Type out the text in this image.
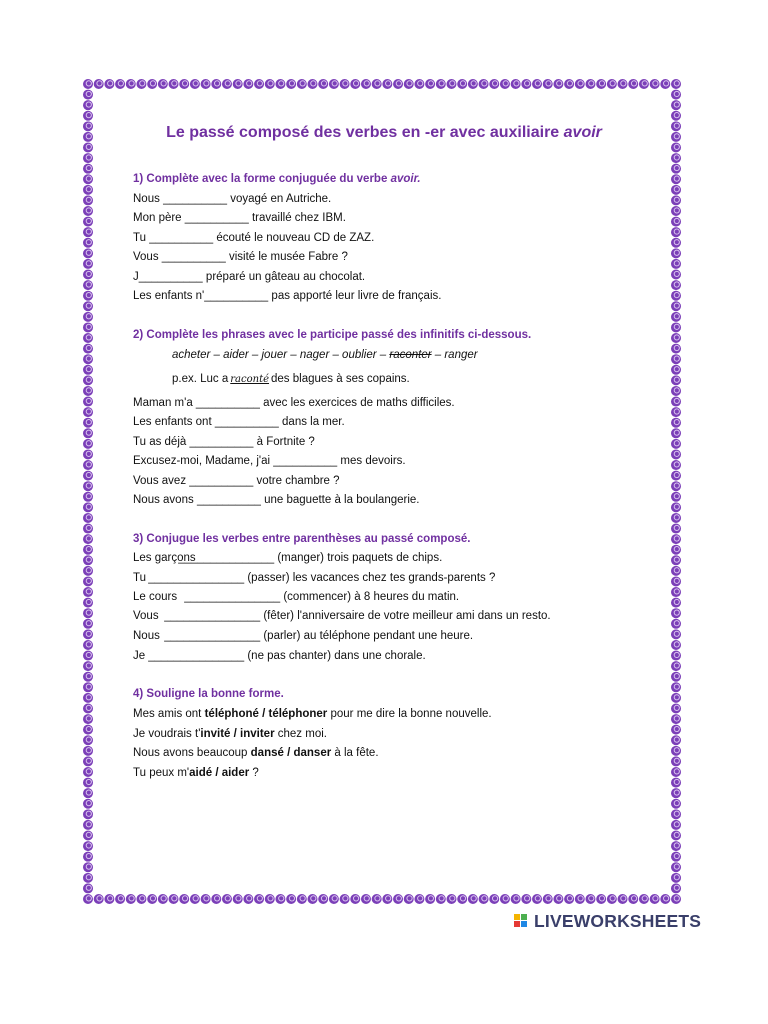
Le passé composé des verbes en -er avec auxiliaire avoir
1) Complète avec la forme conjuguée du verbe avoir.
Nous __________ voyagé en Autriche.
Mon père __________ travaillé chez IBM.
Tu __________ écouté le nouveau CD de ZAZ.
Vous __________ visité le musée Fabre ?
J__________ préparé un gâteau au chocolat.
Les enfants n'__________ pas apporté leur livre de français.
2) Complète les phrases avec le participe passé des infinitifs ci-dessous.
acheter – aider – jouer – nager – oublier – raconter – ranger
p.ex. Luc a raconté des blagues à ses copains.
Maman m'a __________ avec les exercices de maths difficiles.
Les enfants ont __________ dans la mer.
Tu as déjà __________ à Fortnite ?
Excusez-moi, Madame, j'ai __________ mes devoirs.
Vous avez __________ votre chambre ?
Nous avons __________ une baguette à la boulangerie.
3) Conjugue les verbes entre parenthèses au passé composé.
Les garçons _______________ (manger) trois paquets de chips.
Tu _______________ (passer) les vacances chez tes grands-parents ?
Le cours _______________ (commencer) à 8 heures du matin.
Vous _______________ (fêter) l'anniversaire de votre meilleur ami dans un resto.
Nous _______________ (parler) au téléphone pendant une heure.
Je _______________ (ne pas chanter) dans une chorale.
4) Souligne la bonne forme.
Mes amis ont téléphoné / téléphoner pour me dire la bonne nouvelle.
Je voudrais t'invité / inviter chez moi.
Nous avons beaucoup dansé / danser à la fête.
Tu peux m'aidé / aider ?
LIVEWORKSHEETS
